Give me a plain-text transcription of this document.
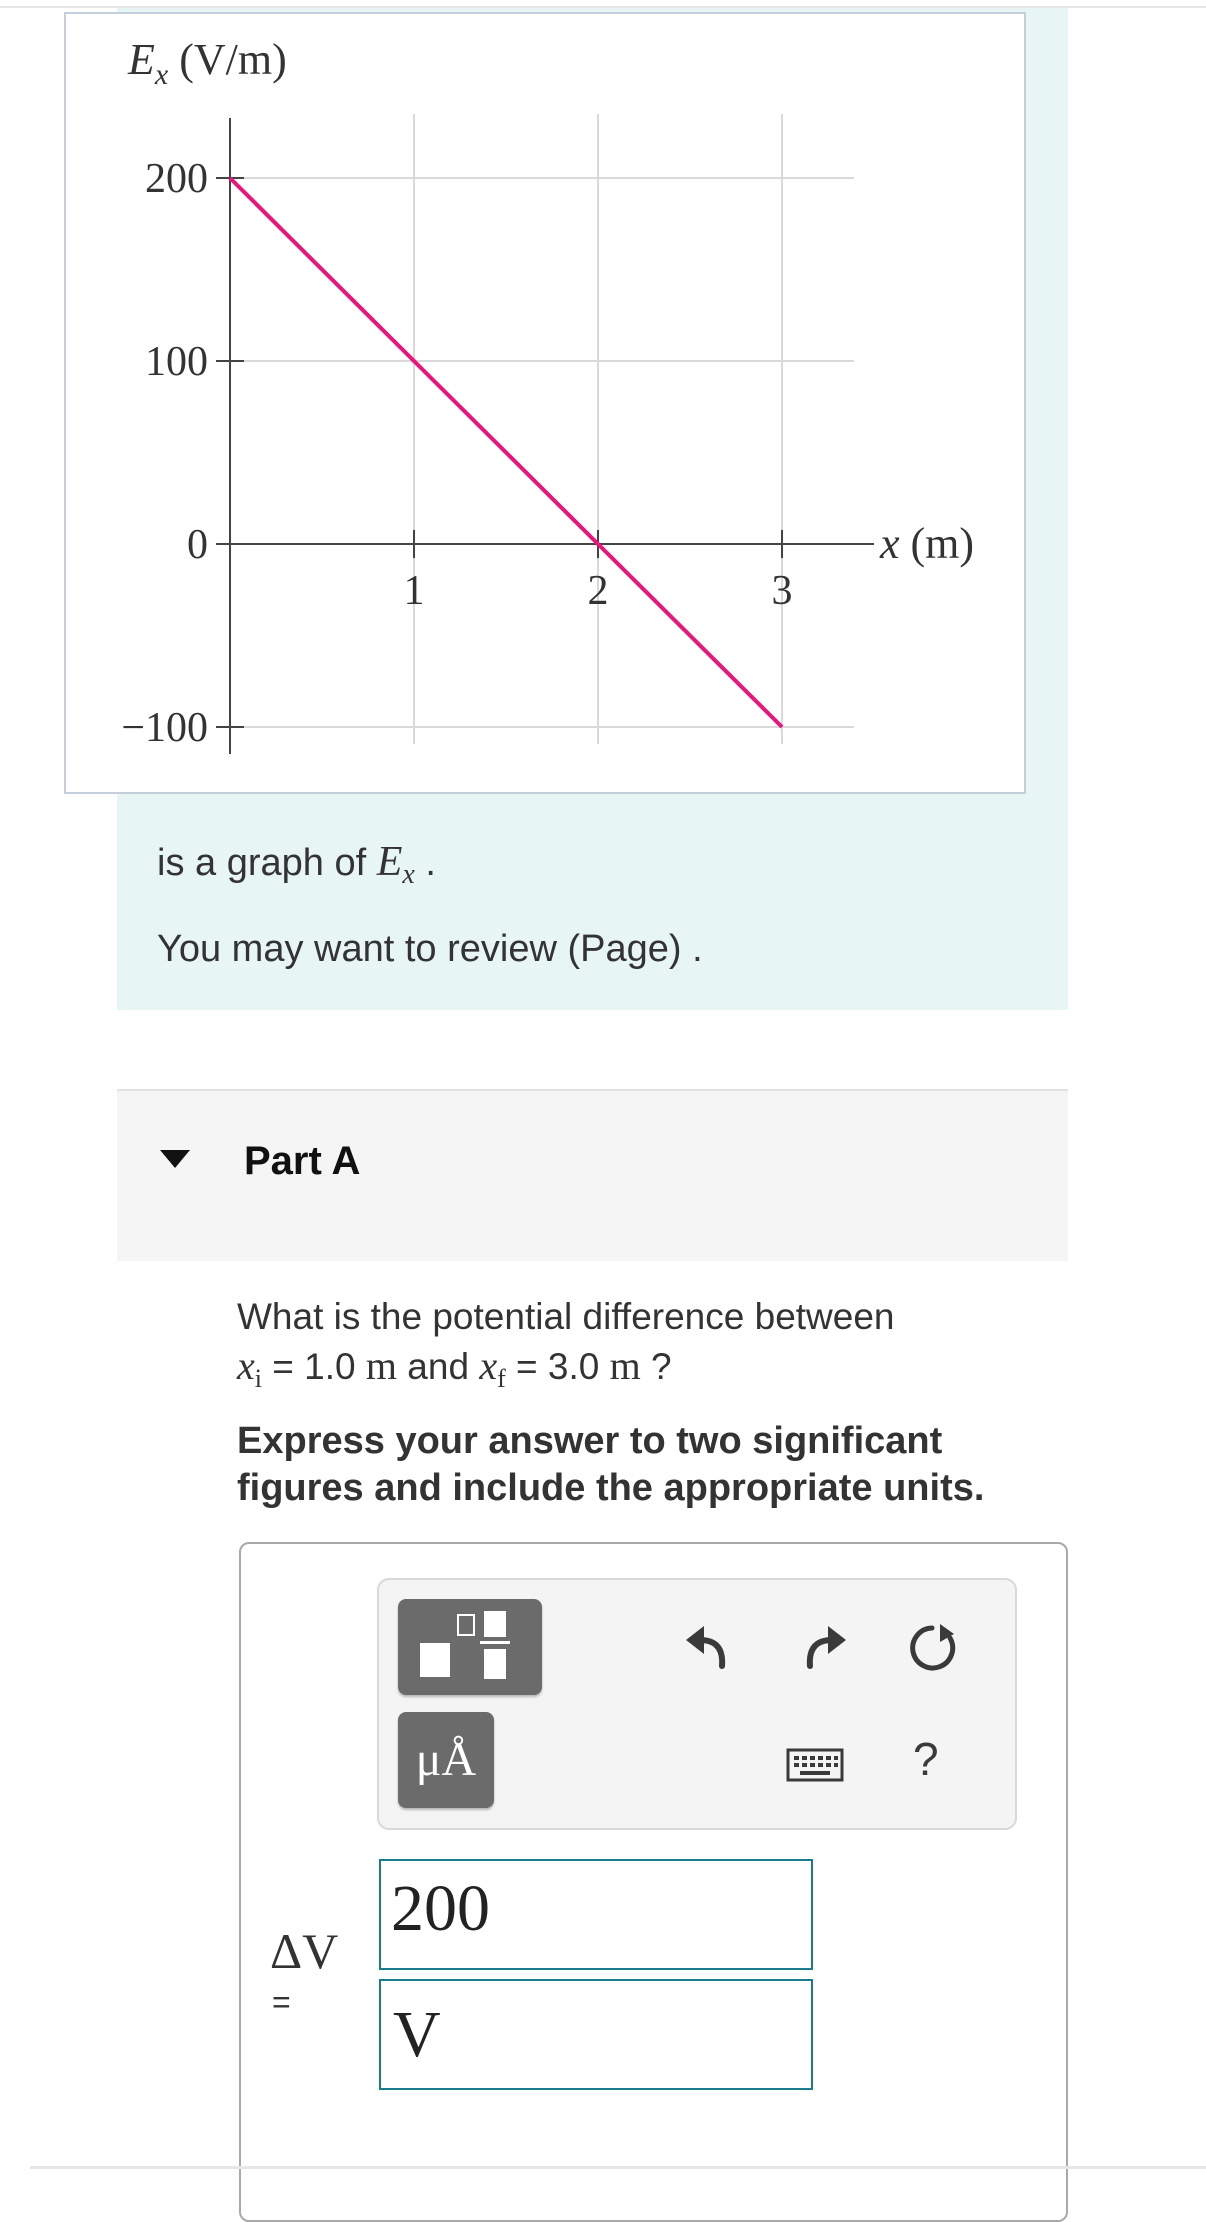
200
100
0
−100
1	2	3
$E_x$ (V/m)
x (m)
is a graph of $E_x$ .
You may want to review (Page) .
Part A
What is the potential difference between
$x_i = 1.0$ m and $x_f = 3.0$ m ?
Express your answer to two significant
figures and include the appropriate units.
μÅ	?
ΔV
=
200
V
